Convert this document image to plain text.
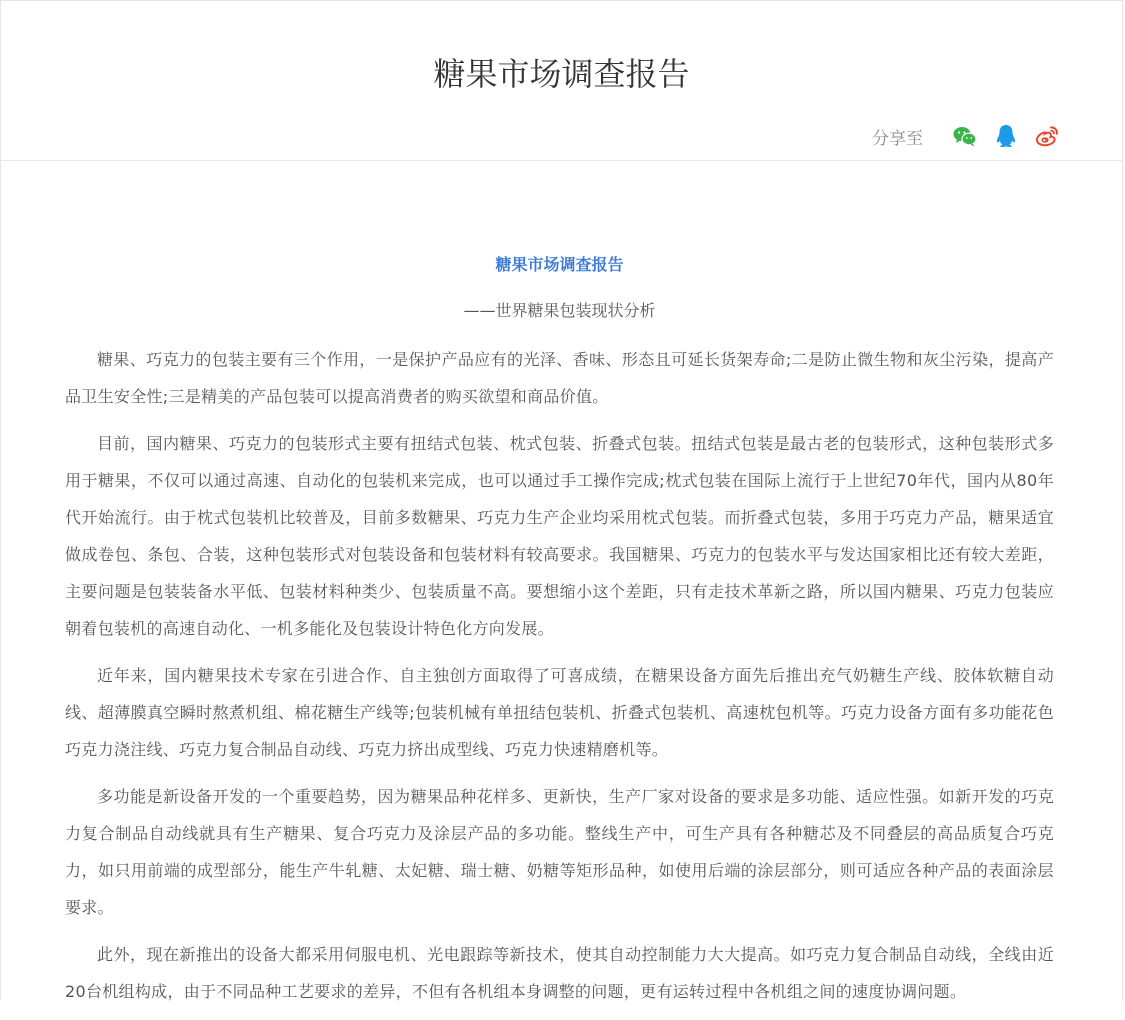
糖果市场调查报告
分享至
糖果市场调查报告

——世界糖果包装现状分析

糖果、巧克力的包装主要有三个作用，一是保护产品应有的光泽、香味、形态且可延长货架寿命;二是防止微生物和灰尘污染，提高产品卫生安全性;三是精美的产品包装可以提高消费者的购买欲望和商品价值。

目前，国内糖果、巧克力的包装形式主要有扭结式包装、枕式包装、折叠式包装。扭结式包装是最古老的包装形式，这种包装形式多用于糖果，不仅可以通过高速、自动化的包装机来完成，也可以通过手工操作完成;枕式包装在国际上流行于上世纪70年代，国内从80年代开始流行。由于枕式包装机比较普及，目前多数糖果、巧克力生产企业均采用枕式包装。而折叠式包装，多用于巧克力产品，糖果适宜做成卷包、条包、合装，这种包装形式对包装设备和包装材料有较高要求。我国糖果、巧克力的包装水平与发达国家相比还有较大差距，主要问题是包装装备水平低、包装材料种类少、包装质量不高。要想缩小这个差距，只有走技术革新之路，所以国内糖果、巧克力包装应朝着包装机的高速自动化、一机多能化及包装设计特色化方向发展。

近年来，国内糖果技术专家在引进合作、自主独创方面取得了可喜成绩，在糖果设备方面先后推出充气奶糖生产线、胶体软糖自动线、超薄膜真空瞬时熬煮机组、棉花糖生产线等;包装机械有单扭结包装机、折叠式包装机、高速枕包机等。巧克力设备方面有多功能花色巧克力浇注线、巧克力复合制品自动线、巧克力挤出成型线、巧克力快速精磨机等。

多功能是新设备开发的一个重要趋势，因为糖果品种花样多、更新快，生产厂家对设备的要求是多功能、适应性强。如新开发的巧克力复合制品自动线就具有生产糖果、复合巧克力及涂层产品的多功能。整线生产中，可生产具有各种糖芯及不同叠层的高品质复合巧克力，如只用前端的成型部分，能生产牛轧糖、太妃糖、瑞士糖、奶糖等矩形品种，如使用后端的涂层部分，则可适应各种产品的表面涂层要求。

此外，现在新推出的设备大都采用伺服电机、光电跟踪等新技术，使其自动控制能力大大提高。如巧克力复合制品自动线，全线由近20台机组构成，由于不同品种工艺要求的差异，不但有各机组本身调整的问题，更有运转过程中各机组之间的速度协调问题。
